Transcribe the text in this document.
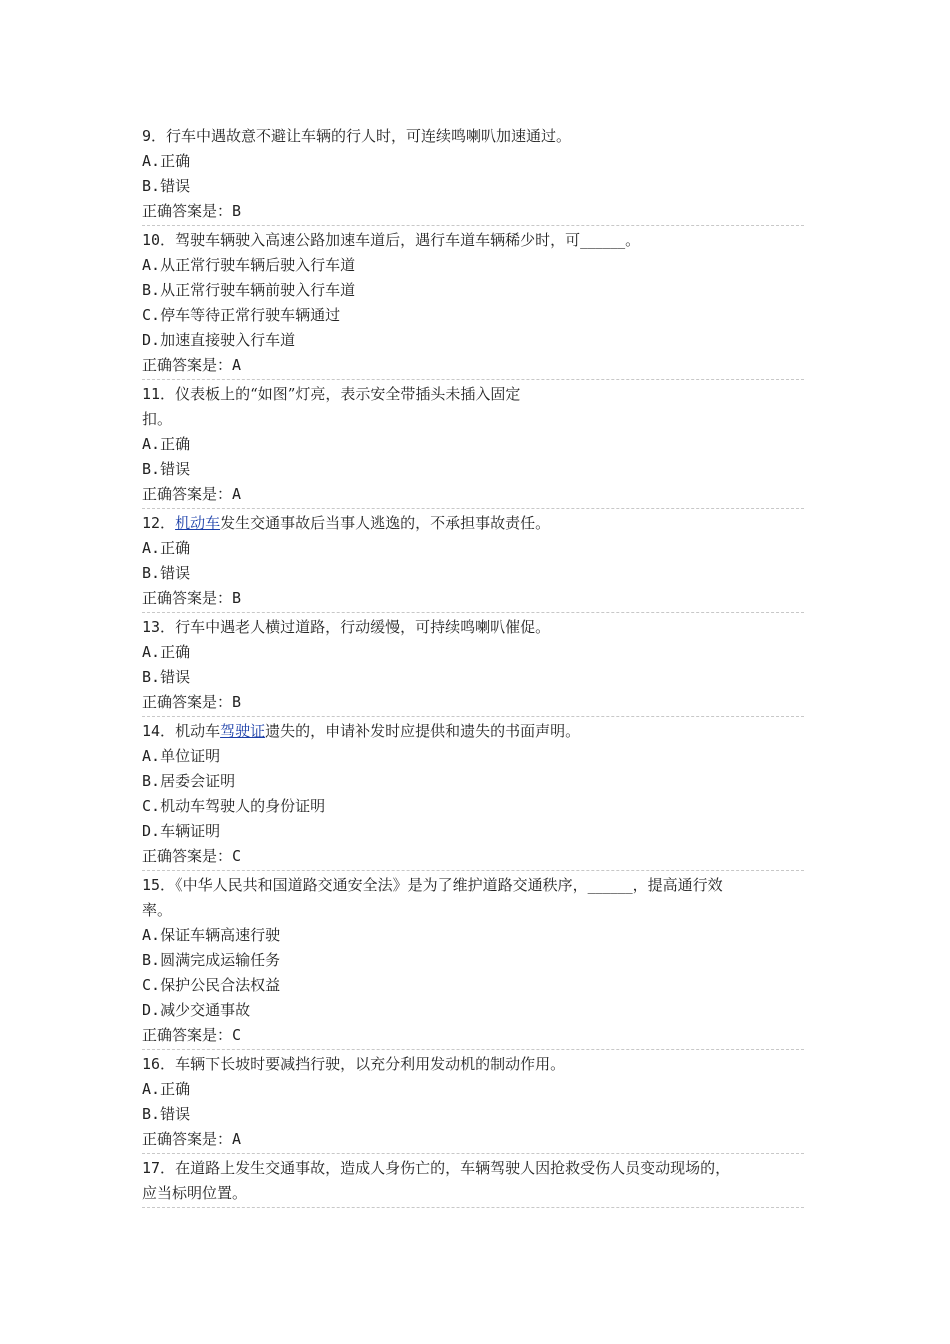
9．行车中遇故意不避让车辆的行人时，可连续鸣喇叭加速通过。
A.正确
B.错误
正确答案是：B
10．驾驶车辆驶入高速公路加速车道后，遇行车道车辆稀少时，可______。
A.从正常行驶车辆后驶入行车道
B.从正常行驶车辆前驶入行车道
C.停车等待正常行驶车辆通过
D.加速直接驶入行车道
正确答案是：A
11．仪表板上的“如图”灯亮，表示安全带插头未插入固定
扣。
A.正确
B.错误
正确答案是：A
12．机动车发生交通事故后当事人逃逸的，不承担事故责任。
A.正确
B.错误
正确答案是：B
13．行车中遇老人横过道路，行动缓慢，可持续鸣喇叭催促。
A.正确
B.错误
正确答案是：B
14．机动车驾驶证遗失的，申请补发时应提供和遗失的书面声明。
A.单位证明
B.居委会证明
C.机动车驾驶人的身份证明
D.车辆证明
正确答案是：C
15．《中华人民共和国道路交通安全法》是为了维护道路交通秩序，______，提高通行效
率。
A.保证车辆高速行驶
B.圆满完成运输任务
C.保护公民合法权益
D.减少交通事故
正确答案是：C
16．车辆下长坡时要减挡行驶，以充分利用发动机的制动作用。
A.正确
B.错误
正确答案是：A
17．在道路上发生交通事故，造成人身伤亡的，车辆驾驶人因抢救受伤人员变动现场的，
应当标明位置。
